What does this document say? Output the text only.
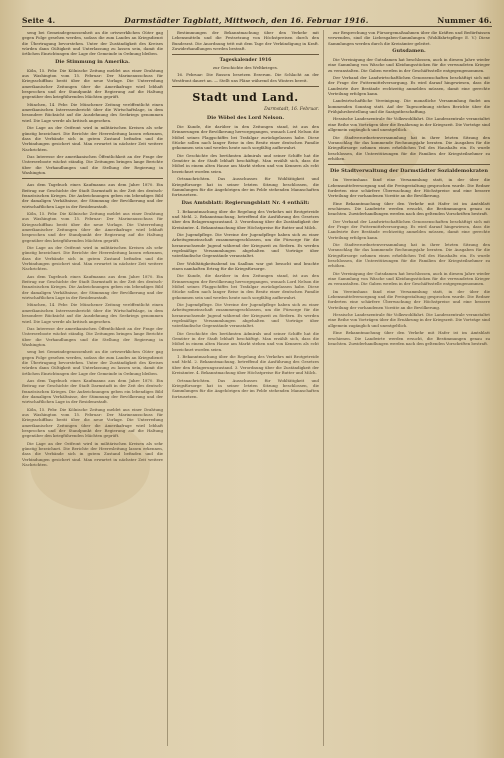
Seite 4.	Darmstädter Tagblatt, Mittwoch, den 16. Februar 1916.	Nummer 46.

seng bei Gemeindegenossenheit an die ortswerklichen Güter gag gegen Folge gesehen werden, sodass die zum Landes an Kriegsdienst die Übertragung bevorstehen. Unter der Zuständigkeit des Kreises würden dann Gültigkeit und Unterlassung zu lassen sein, damit die örtlichen Einrichtungen der Lage der Gemeinde in Ordnung bleiben.

Die Stimmung in Amerika.

Köln, 15. Febr. Die Kölnische Zeitung meldet aus einer Drahtung aus Washington vom 15. Februar: Der Marineausschuss für Kriegsschiffbau berät über die neue Vorlage. Die Unterredung amerikanischer Zeitungen über die Amerikafrage wird lebhaft besprochen und der Standpunkt der Regierung auf die Haltung gegenüber den kriegführenden Mächten geprüft.

München, 14. Febr. Die Münchener Zeitung veröffentlicht einen amerikanischen Interessenbericht über die Wirtschaftslage, in dem besondere Rücksicht auf die Ausdehnung des Seekriegs genommen wird. Die Lage werde als kritisch angesehen.

Die Lage an der Ostfront wird in militärischen Kreisen als sehr günstig bezeichnet. Die Berichte der Heeresleitung lassen erkennen, dass die Verbände sich in gutem Zustand befinden und die Verbindungen gesichert sind. Man erwartet in nächster Zeit weitere Nachrichten.

Das Interesse der amerikanischen Öffentlichkeit an der Frage der Unterseeboote wächst ständig. Die Zeitungen bringen lange Berichte über die Verhandlungen und die Stellung der Regierung in Washington.

Aus dem Tagebuch eines Kaufmanns aus dem Jahre 1870. Ein Beitrag zur Geschichte der Stadt Darmstadt in der Zeit des deutsch-französischen Krieges. Die Aufzeichnungen geben ein lebendiges Bild der damaligen Verhältnisse, der Stimmung der Bevölkerung und der wirtschaftlichen Lage in der Residenzstadt.

Köln, 15. Febr. Die Kölnische Zeitung meldet aus einer Drahtung aus Washington vom 15. Februar: Der Marineausschuss für Kriegsschiffbau berät über die neue Vorlage. Die Unterredung amerikanischer Zeitungen über die Amerikafrage wird lebhaft besprochen und der Standpunkt der Regierung auf die Haltung gegenüber den kriegführenden Mächten geprüft.

Die Lage an der Ostfront wird in militärischen Kreisen als sehr günstig bezeichnet. Die Berichte der Heeresleitung lassen erkennen, dass die Verbände sich in gutem Zustand befinden und die Verbindungen gesichert sind. Man erwartet in nächster Zeit weitere Nachrichten.

Aus dem Tagebuch eines Kaufmanns aus dem Jahre 1870. Ein Beitrag zur Geschichte der Stadt Darmstadt in der Zeit des deutsch-französischen Krieges. Die Aufzeichnungen geben ein lebendiges Bild der damaligen Verhältnisse, der Stimmung der Bevölkerung und der wirtschaftlichen Lage in der Residenzstadt.

München, 14. Febr. Die Münchener Zeitung veröffentlicht einen amerikanischen Interessenbericht über die Wirtschaftslage, in dem besondere Rücksicht auf die Ausdehnung des Seekriegs genommen wird. Die Lage werde als kritisch angesehen.

Das Interesse der amerikanischen Öffentlichkeit an der Frage der Unterseeboote wächst ständig. Die Zeitungen bringen lange Berichte über die Verhandlungen und die Stellung der Regierung in Washington.

seng bei Gemeindegenossenheit an die ortswerklichen Güter gag gegen Folge gesehen werden, sodass die zum Landes an Kriegsdienst die Übertragung bevorstehen. Unter der Zuständigkeit des Kreises würden dann Gültigkeit und Unterlassung zu lassen sein, damit die örtlichen Einrichtungen der Lage der Gemeinde in Ordnung bleiben.

Aus dem Tagebuch eines Kaufmanns aus dem Jahre 1870. Ein Beitrag zur Geschichte der Stadt Darmstadt in der Zeit des deutsch-französischen Krieges. Die Aufzeichnungen geben ein lebendiges Bild der damaligen Verhältnisse, der Stimmung der Bevölkerung und der wirtschaftlichen Lage in der Residenzstadt.

Köln, 15. Febr. Die Kölnische Zeitung meldet aus einer Drahtung aus Washington vom 15. Februar: Der Marineausschuss für Kriegsschiffbau berät über die neue Vorlage. Die Unterredung amerikanischer Zeitungen über die Amerikafrage wird lebhaft besprochen und der Standpunkt der Regierung auf die Haltung gegenüber den kriegführenden Mächten geprüft.

Die Lage an der Ostfront wird in militärischen Kreisen als sehr günstig bezeichnet. Die Berichte der Heeresleitung lassen erkennen, dass die Verbände sich in gutem Zustand befinden und die Verbindungen gesichert sind. Man erwartet in nächster Zeit weitere Nachrichten.

Bestimmungen der Bekanntmachung über den Verkehr mit Lebensmitteln und die Festsetzung von Höchstpreisen durch den Bundesrat. Die Anordnung tritt mit dem Tage der Verkündigung in Kraft. Zuwiderhandlungen werden bestraft.

Tageskalender 1916
zur Geschichte des Weltkrieges.

16. Februar: Die Russen besetzen Erzerum. Die Schlacht an der Westfront dauert an. — Stellt uns Pläne während des Winters bereit.

Stadt und Land.
Darmstadt, 16. Februar.
Die Wöbel des Lord Nelson.

Die Kunde, die darüber in den Zeitungen stand, ist aus den Erinnerungen der Bevölkerung hervorgegangen, wonach Lord Nelson die Möbel seines Flaggschiffes bei Trafalgar zurückgelassen habe. Diese Stücke sollen nach langer Reise in den Besitz einer deutschen Familie gekommen sein und werden heute noch sorgfältig aufbewahrt.

Die Geschichte des berühmten Admirals und seiner Schiffe hat die Gemüter in der Stadt lebhaft beschäftigt. Man erzählt sich, dass die Möbel in einem alten Hause am Markt stehen und von Kennern als echt bezeichnet worden seien.

Ortsnachrichten. Das Ausschusses für Wohltätigkeit und Kriegsfürsorge hat in seiner letzten Sitzung beschlossen, die Sammlungen für die Angehörigen der im Felde stehenden Mannschaften fortzusetzen.

Das Amtsblatt: Regierungsblatt Nr. 4 enthält:

1. Bekanntmachung über die Regelung des Verkehrs mit Brotgetreide und Mehl. 2. Bekanntmachung, betreffend die Ausführung des Gesetzes über den Belagerungszustand. 3. Verordnung über die Zuständigkeit der Kreisämter. 4. Bekanntmachung über Höchstpreise für Butter und Milch.

Die Jugendpflege. Die Vereine der Jugendpflege haben sich zu einer Arbeitsgemeinschaft zusammengeschlossen, um die Fürsorge für die heranwachsende Jugend während der Kriegszeit zu fördern. Es werden regelmäßige Versammlungen abgehalten und Vorträge über vaterländische Gegenstände veranstaltet.

Der Wohltätigkeitsabend im Saalbau war gut besucht und brachte einen namhaften Ertrag für die Kriegsfürsorge.

Die Kunde, die darüber in den Zeitungen stand, ist aus den Erinnerungen der Bevölkerung hervorgegangen, wonach Lord Nelson die Möbel seines Flaggschiffes bei Trafalgar zurückgelassen habe. Diese Stücke sollen nach langer Reise in den Besitz einer deutschen Familie gekommen sein und werden heute noch sorgfältig aufbewahrt.

Die Jugendpflege. Die Vereine der Jugendpflege haben sich zu einer Arbeitsgemeinschaft zusammengeschlossen, um die Fürsorge für die heranwachsende Jugend während der Kriegszeit zu fördern. Es werden regelmäßige Versammlungen abgehalten und Vorträge über vaterländische Gegenstände veranstaltet.

Die Geschichte des berühmten Admirals und seiner Schiffe hat die Gemüter in der Stadt lebhaft beschäftigt. Man erzählt sich, dass die Möbel in einem alten Hause am Markt stehen und von Kennern als echt bezeichnet worden seien.

1. Bekanntmachung über die Regelung des Verkehrs mit Brotgetreide und Mehl. 2. Bekanntmachung, betreffend die Ausführung des Gesetzes über den Belagerungszustand. 3. Verordnung über die Zuständigkeit der Kreisämter. 4. Bekanntmachung über Höchstpreise für Butter und Milch.

Ortsnachrichten. Das Ausschusses für Wohltätigkeit und Kriegsfürsorge hat in seiner letzten Sitzung beschlossen, die Sammlungen für die Angehörigen der im Felde stehenden Mannschaften fortzusetzen.

zur Besprechung von Fürsorgemaßnahmen über die Kräften und Bedürfnissen verwenden, sind die Liebesgaben-Sammlungen (Wohlfahrtspflege E. V.) Diese Sammlungen werden durch die Kreisämter geleitet.

Gutsdamen.

Die Vereinigung der Gutsdamen hat beschlossen, auch in diesem Jahre wieder eine Sammlung von Wäsche und Kleidungsstücken für die verwundeten Krieger zu veranstalten. Die Gaben werden in der Geschäftsstelle entgegengenommen.

Der Verband der Landwirtschaftlichen Genossenschaften beschäftigt sich mit der Frage der Futtermittelversorgung. Es wird darauf hingewiesen, dass die Landwirte ihre Bestände rechtzeitig anmelden müssen, damit eine gerechte Verteilung erfolgen kann.

Landwirtschaftliche Vereinigung. Die monatliche Versammlung findet am kommenden Sonntag statt. Auf der Tagesordnung stehen Berichte über die Frühjahrsbestellung und die Saatgutbeschaffung.

Hessische Landeszentrale für Volkswohlfahrt. Die Landeszentrale veranstaltet eine Reihe von Vorträgen über die Ernährung in der Kriegszeit. Die Vorträge sind allgemein zugänglich und unentgeltlich.

Die Stadtverordnetenversammlung hat in ihrer letzten Sitzung den Voranschlag für das kommende Rechnungsjahr beraten. Die Ausgaben für die Kriegsfürsorge nehmen einen erheblichen Teil des Haushalts ein. Es wurde beschlossen, die Unterstützungen für die Familien der Kriegsteilnehmer zu erhöhen.

Die Stadtverwaltung der Darmstädter Sozialdemokraten

Im Vereinshaus fand eine Versammlung statt, in der über die Lebensmittelversorgung und die Preisgestaltung gesprochen wurde. Die Redner forderten eine schärfere Überwachung der Höchstpreise und eine bessere Verteilung der vorhandenen Vorräte an die Bevölkerung.

Eine Bekanntmachung über den Verkehr mit Hafer ist im Amtsblatt erschienen. Die Landwirte werden ersucht, die Bestimmungen genau zu beachten. Zuwiderhandlungen werden nach den geltenden Vorschriften bestraft.

Der Verband der Landwirtschaftlichen Genossenschaften beschäftigt sich mit der Frage der Futtermittelversorgung. Es wird darauf hingewiesen, dass die Landwirte ihre Bestände rechtzeitig anmelden müssen, damit eine gerechte Verteilung erfolgen kann.

Die Stadtverordnetenversammlung hat in ihrer letzten Sitzung den Voranschlag für das kommende Rechnungsjahr beraten. Die Ausgaben für die Kriegsfürsorge nehmen einen erheblichen Teil des Haushalts ein. Es wurde beschlossen, die Unterstützungen für die Familien der Kriegsteilnehmer zu erhöhen.

Die Vereinigung der Gutsdamen hat beschlossen, auch in diesem Jahre wieder eine Sammlung von Wäsche und Kleidungsstücken für die verwundeten Krieger zu veranstalten. Die Gaben werden in der Geschäftsstelle entgegengenommen.

Im Vereinshaus fand eine Versammlung statt, in der über die Lebensmittelversorgung und die Preisgestaltung gesprochen wurde. Die Redner forderten eine schärfere Überwachung der Höchstpreise und eine bessere Verteilung der vorhandenen Vorräte an die Bevölkerung.

Hessische Landeszentrale für Volkswohlfahrt. Die Landeszentrale veranstaltet eine Reihe von Vorträgen über die Ernährung in der Kriegszeit. Die Vorträge sind allgemein zugänglich und unentgeltlich.

Eine Bekanntmachung über den Verkehr mit Hafer ist im Amtsblatt erschienen. Die Landwirte werden ersucht, die Bestimmungen genau zu beachten. Zuwiderhandlungen werden nach den geltenden Vorschriften bestraft.
